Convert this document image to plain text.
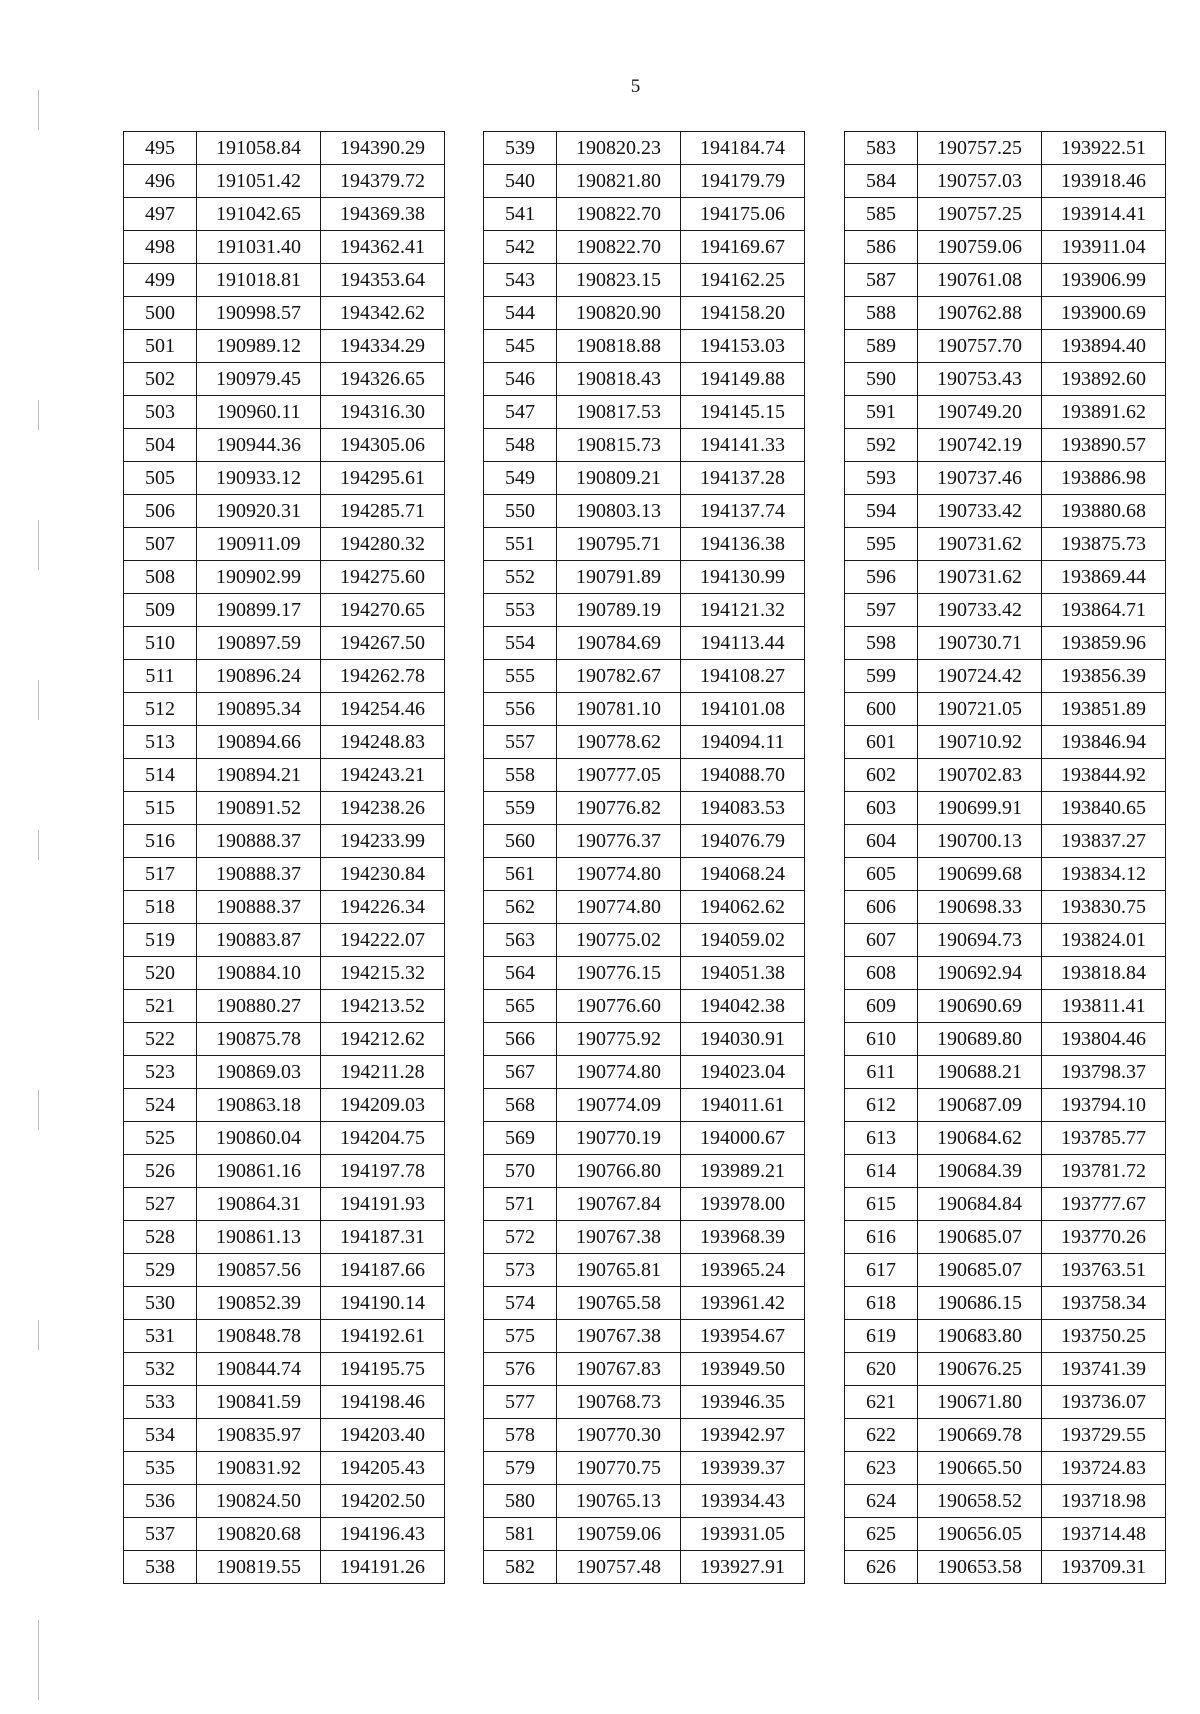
5
495	191058.84	194390.29
496	191051.42	194379.72
497	191042.65	194369.38
498	191031.40	194362.41
499	191018.81	194353.64
500	190998.57	194342.62
501	190989.12	194334.29
502	190979.45	194326.65
503	190960.11	194316.30
504	190944.36	194305.06
505	190933.12	194295.61
506	190920.31	194285.71
507	190911.09	194280.32
508	190902.99	194275.60
509	190899.17	194270.65
510	190897.59	194267.50
511	190896.24	194262.78
512	190895.34	194254.46
513	190894.66	194248.83
514	190894.21	194243.21
515	190891.52	194238.26
516	190888.37	194233.99
517	190888.37	194230.84
518	190888.37	194226.34
519	190883.87	194222.07
520	190884.10	194215.32
521	190880.27	194213.52
522	190875.78	194212.62
523	190869.03	194211.28
524	190863.18	194209.03
525	190860.04	194204.75
526	190861.16	194197.78
527	190864.31	194191.93
528	190861.13	194187.31
529	190857.56	194187.66
530	190852.39	194190.14
531	190848.78	194192.61
532	190844.74	194195.75
533	190841.59	194198.46
534	190835.97	194203.40
535	190831.92	194205.43
536	190824.50	194202.50
537	190820.68	194196.43
538	190819.55	194191.26
539	190820.23	194184.74
540	190821.80	194179.79
541	190822.70	194175.06
542	190822.70	194169.67
543	190823.15	194162.25
544	190820.90	194158.20
545	190818.88	194153.03
546	190818.43	194149.88
547	190817.53	194145.15
548	190815.73	194141.33
549	190809.21	194137.28
550	190803.13	194137.74
551	190795.71	194136.38
552	190791.89	194130.99
553	190789.19	194121.32
554	190784.69	194113.44
555	190782.67	194108.27
556	190781.10	194101.08
557	190778.62	194094.11
558	190777.05	194088.70
559	190776.82	194083.53
560	190776.37	194076.79
561	190774.80	194068.24
562	190774.80	194062.62
563	190775.02	194059.02
564	190776.15	194051.38
565	190776.60	194042.38
566	190775.92	194030.91
567	190774.80	194023.04
568	190774.09	194011.61
569	190770.19	194000.67
570	190766.80	193989.21
571	190767.84	193978.00
572	190767.38	193968.39
573	190765.81	193965.24
574	190765.58	193961.42
575	190767.38	193954.67
576	190767.83	193949.50
577	190768.73	193946.35
578	190770.30	193942.97
579	190770.75	193939.37
580	190765.13	193934.43
581	190759.06	193931.05
582	190757.48	193927.91
583	190757.25	193922.51
584	190757.03	193918.46
585	190757.25	193914.41
586	190759.06	193911.04
587	190761.08	193906.99
588	190762.88	193900.69
589	190757.70	193894.40
590	190753.43	193892.60
591	190749.20	193891.62
592	190742.19	193890.57
593	190737.46	193886.98
594	190733.42	193880.68
595	190731.62	193875.73
596	190731.62	193869.44
597	190733.42	193864.71
598	190730.71	193859.96
599	190724.42	193856.39
600	190721.05	193851.89
601	190710.92	193846.94
602	190702.83	193844.92
603	190699.91	193840.65
604	190700.13	193837.27
605	190699.68	193834.12
606	190698.33	193830.75
607	190694.73	193824.01
608	190692.94	193818.84
609	190690.69	193811.41
610	190689.80	193804.46
611	190688.21	193798.37
612	190687.09	193794.10
613	190684.62	193785.77
614	190684.39	193781.72
615	190684.84	193777.67
616	190685.07	193770.26
617	190685.07	193763.51
618	190686.15	193758.34
619	190683.80	193750.25
620	190676.25	193741.39
621	190671.80	193736.07
622	190669.78	193729.55
623	190665.50	193724.83
624	190658.52	193718.98
625	190656.05	193714.48
626	190653.58	193709.31
